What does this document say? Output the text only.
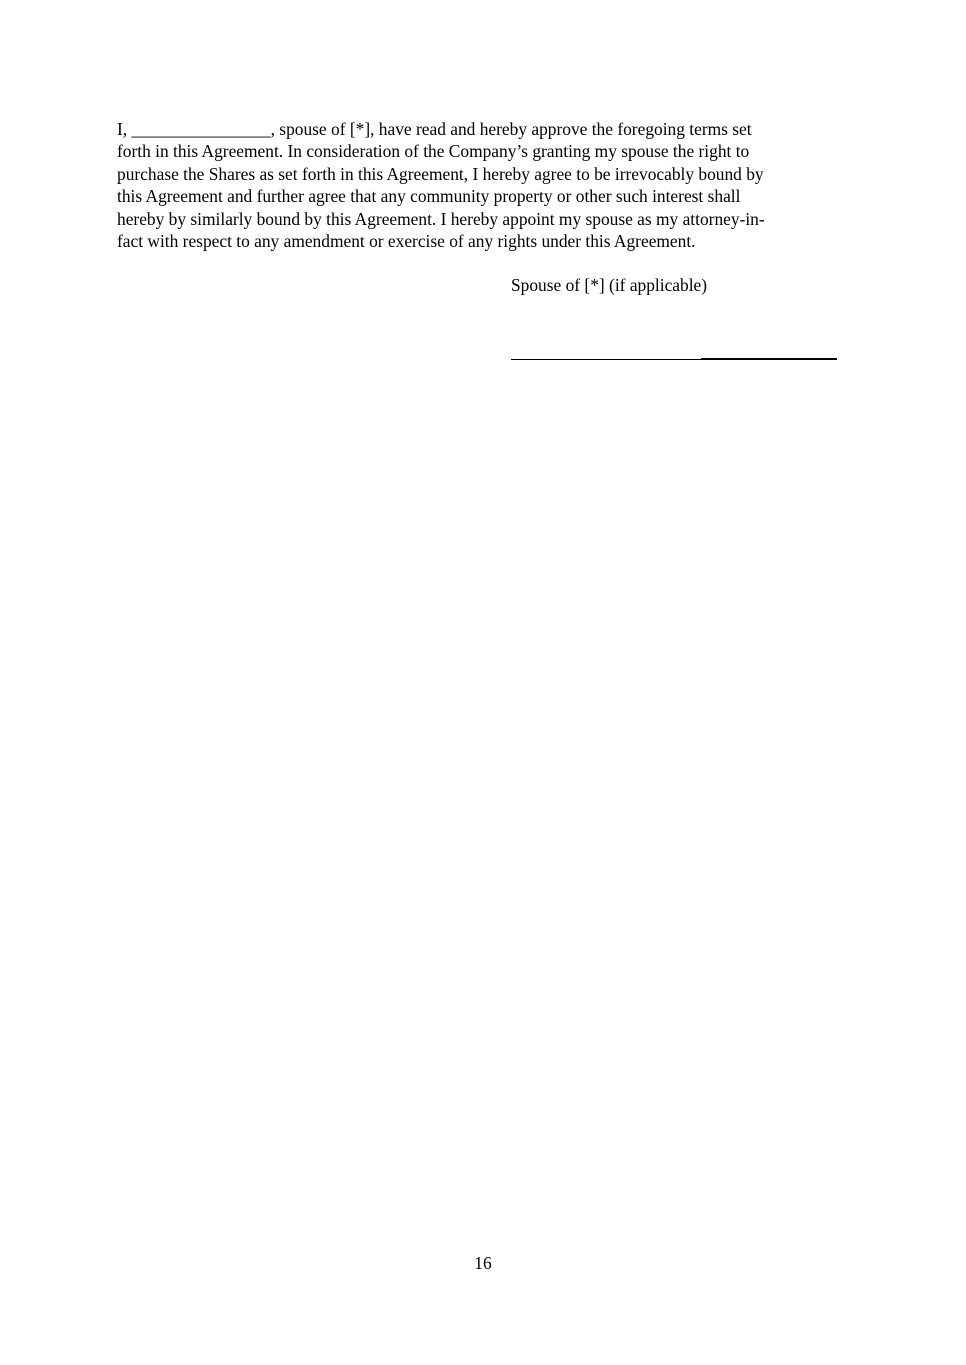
I, ________________, spouse of [*], have read and hereby approve the foregoing terms set
forth in this Agreement. In consideration of the Company’s granting my spouse the right to
purchase the Shares as set forth in this Agreement, I hereby agree to be irrevocably bound by
this Agreement and further agree that any community property or other such interest shall
hereby by similarly bound by this Agreement. I hereby appoint my spouse as my attorney-in-
fact with respect to any amendment or exercise of any rights under this Agreement.

Spouse of [*] (if applicable)
16
